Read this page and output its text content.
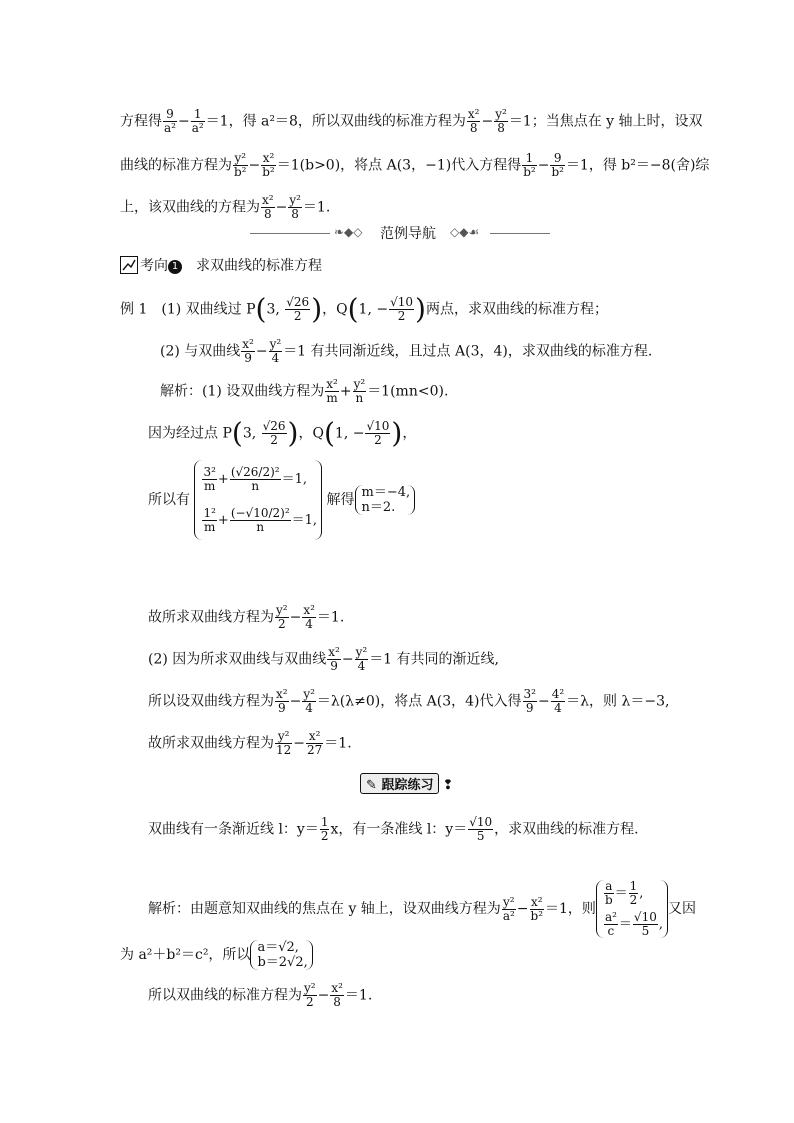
方程得 $\frac{9}{\text{a²}} - \frac{1}{\text{a²}} =1$，得 a²＝8，所以双曲线的标准方程为 $\frac{\text{x²}}{8} - \frac{\text{y²}}{8} =1$；当焦点在 y 轴上时，设双
曲线的标准方程为 $\frac{\text{y²}}{\text{b²}} - \frac{\text{x²}}{\text{b²}} =1(b>0)$，将点 A(3，−1)代入方程得 $\frac{1}{\text{b²}} - \frac{9}{\text{b²}} =1$，得 b²＝−8(舍)综
上，该双曲线的方程为 $\frac{\text{x²}}{8} - \frac{\text{y²}}{8} =1$.
❧◆◇ 范例导航 ◇◆☙
考向 1 求双曲线的标准方程
例 1　(1) 双曲线过 P(3, $\frac{√26}{2}$ )，Q(1, − $\frac{√10}{2}$ )两点，求双曲线的标准方程；
(2) 与双曲线 $\frac{\text{x²}}{9} - \frac{\text{y²}}{4} =1$ 有共同渐近线，且过点 A(3，4)，求双曲线的标准方程.
解析：(1) 设双曲线方程为 $\frac{\text{x²}}{m} + \frac{\text{y²}}{n} =1(mn<0)$.
因为经过点 P(3, $\frac{√26}{2}$ )，Q(1, − $\frac{√10}{2}$ )，
所以有
$\frac{\text{3²}}{m} + \frac{\text{(√26/2)²}}{n} =1$,
$\frac{\text{1²}}{m} + \frac{\text{(−√10/2)²}}{n} =1$,
解得 m＝−4,
n＝2.
故所求双曲线方程为 $\frac{\text{y²}}{2} - \frac{\text{x²}}{4} =1$.
(2) 因为所求双曲线与双曲线 $\frac{\text{x²}}{9} - \frac{\text{y²}}{4} =1$ 有共同的渐近线,
所以设双曲线方程为 $\frac{\text{x²}}{9} - \frac{\text{y²}}{4} =\lambda(\lambda\ne 0)$，将点 A(3，4)代入得 $\frac{\text{3²}}{9} - \frac{\text{4²}}{4} =\lambda$，则 λ＝−3,
故所求双曲线方程为 $\frac{\text{y²}}{12} - \frac{\text{x²}}{27} =1$.
✎ 跟踪练习 ❢
双曲线有一条渐近线 l：$y= \frac{1}{2}$ x，有一条准线 l：$y= \frac{√10}{5}$ ，求双曲线的标准方程.
解析：由题意知双曲线的焦点在 y 轴上，设双曲线方程为 $\frac{\text{y²}}{\text{a²}} - \frac{\text{x²}}{\text{b²}} =1$，则
$\frac{a}{b} = \frac{1}{2}$ ,
$\frac{\text{a²}}{c} = \frac{√10}{5}$ ,
又因
为 a²＋b²＝c²，所以 a＝√2,
b＝2√2,
所以双曲线的标准方程为 $\frac{\text{y²}}{2} - \frac{\text{x²}}{8} =1$.
